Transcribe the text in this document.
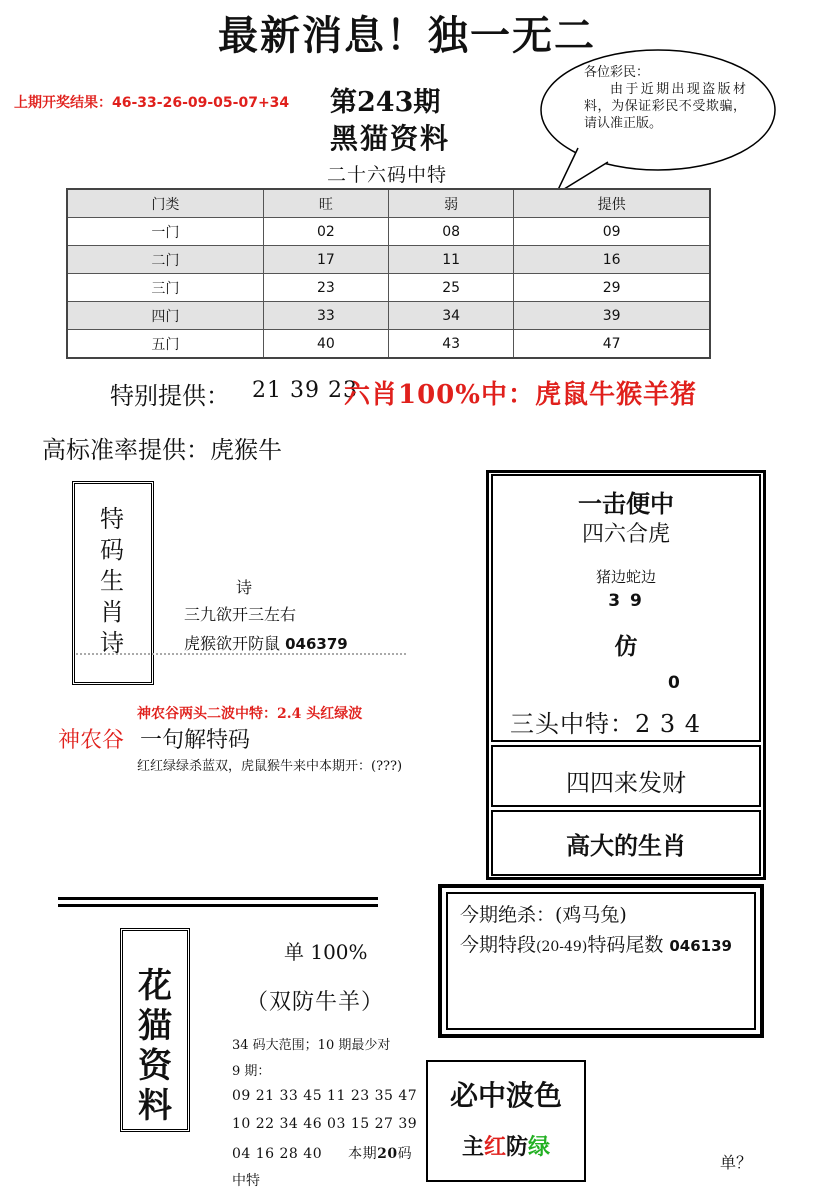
最新消息！独一无二
上期开奖结果：46-33-26-09-05-07+34 第243期
黑猫资料
二十六码中特
各位彩民：
由于近期出现盗版材料，为保证彩民不受欺骗，请认准正版。
门类	旺	弱	提供
一门	02	08	09
二门	17	11	16
三门	23	25	29
四门	33	34	39
五门	40	43	47
特别提供： 21 39 23
六肖100%中：虎鼠牛猴羊猪
高标准率提供：虎猴牛
特
码
生
肖
诗
诗
三九欲开三左右
虎猴欲开防鼠 046379
神农谷两头二波中特：2.4 头红绿波
神农谷 一句解特码
红红绿绿杀蓝双，虎鼠猴牛来中本期开：(???)
一击便中
四六合虎
猪边蛇边
3 9
仿
0
三头中特：2 3 4
四四来发财
高大的生肖
今期绝杀：(鸡马兔)
今期特段(20-49)特码尾数 046139
花
猫
资
料
单 100%
（双防牛羊）
34 码大范围；10 期最少对
9 期：
09 21 33 45 11 23 35 47
10 22 34 46 03 15 27 39
04 16 28 40 本期20码
中特
必中波色
主红防绿
单？
